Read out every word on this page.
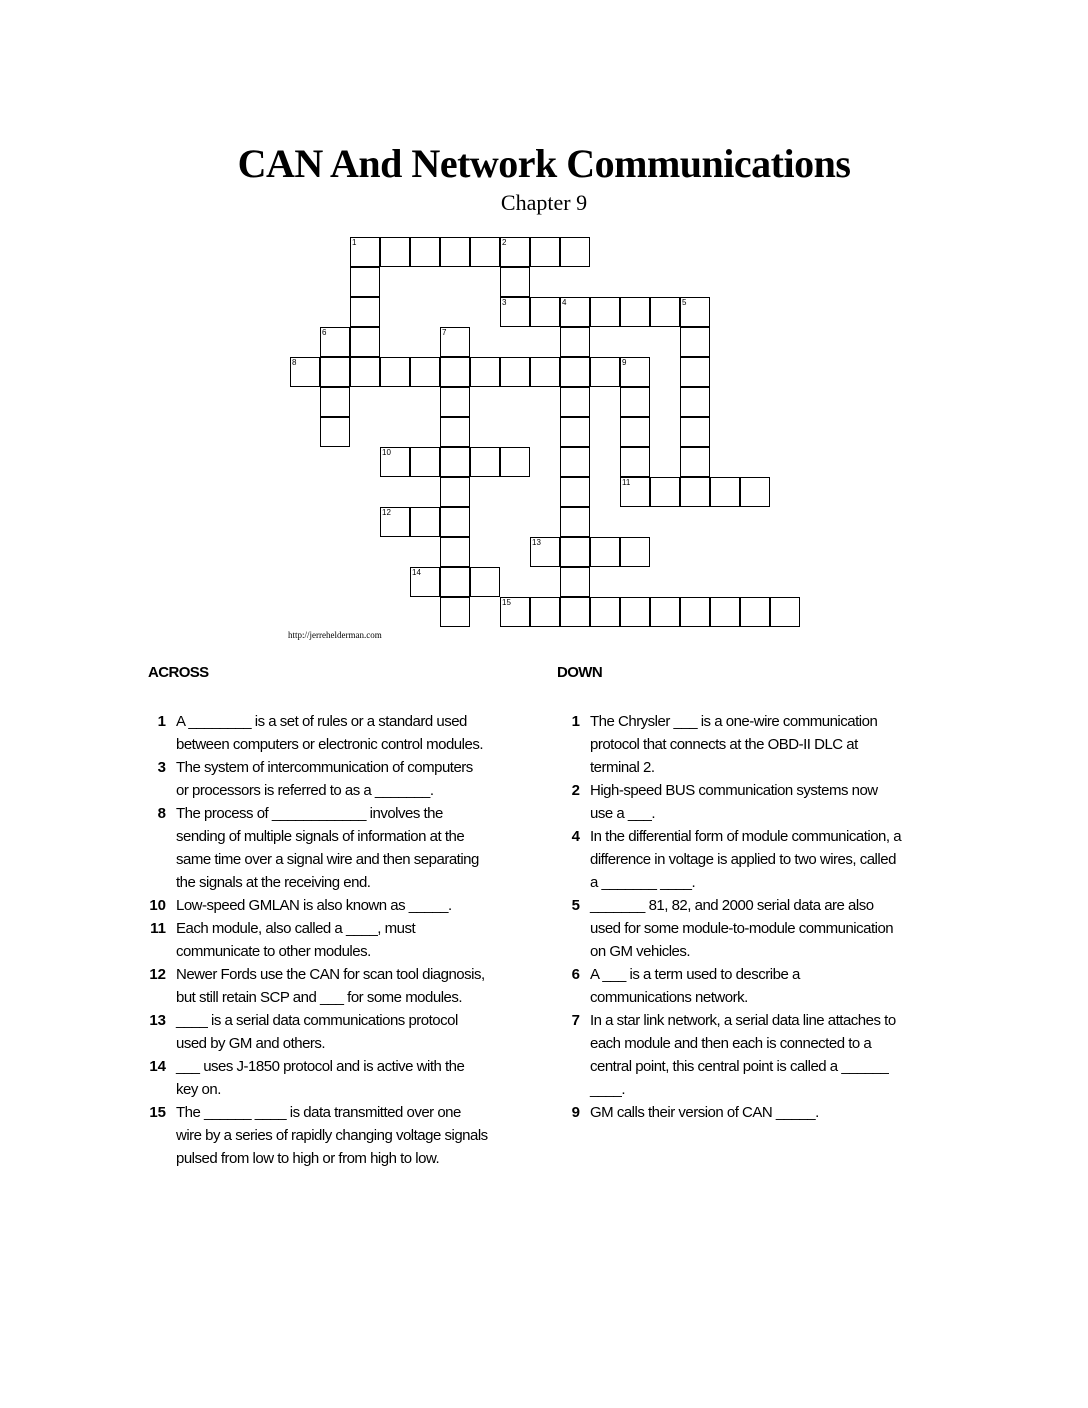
CAN And Network Communications
Chapter 9
1	2
3	4	5
6	7
8	9
11
10
12
13
14
15
http://jerrehelderman.com
ACROSS	DOWN
1 A ________ is a set of rules or a standard used between computers or electronic control modules.
3 The system of intercommunication of computers or processors is referred to as a _______.
8 The process of ____________ involves the sending of multiple signals of information at the same time over a signal wire and then separating the signals at the receiving end.
10 Low-speed GMLAN is also known as _____.
11 Each module, also called a ____, must communicate to other modules.
12 Newer Fords use the CAN for scan tool diagnosis, but still retain SCP and ___ for some modules.
13 ____ is a serial data communications protocol used by GM and others.
14 ___ uses J-1850 protocol and is active with the key on.
15 The ______ ____ is data transmitted over one wire by a series of rapidly changing voltage signals pulsed from low to high or from high to low.
1 The Chrysler ___ is a one-wire communication protocol that connects at the OBD-II DLC at terminal 2.
2 High-speed BUS communication systems now use a ___.
4 In the differential form of module communication, a difference in voltage is applied to two wires, called a _______ ____.
5 _______ 81, 82, and 2000 serial data are also used for some module-to-module communication on GM vehicles.
6 A ___ is a term used to describe a communications network.
7 In a star link network, a serial data line attaches to each module and then each is connected to a central point, this central point is called a ______ ____.
9 GM calls their version of CAN _____.
